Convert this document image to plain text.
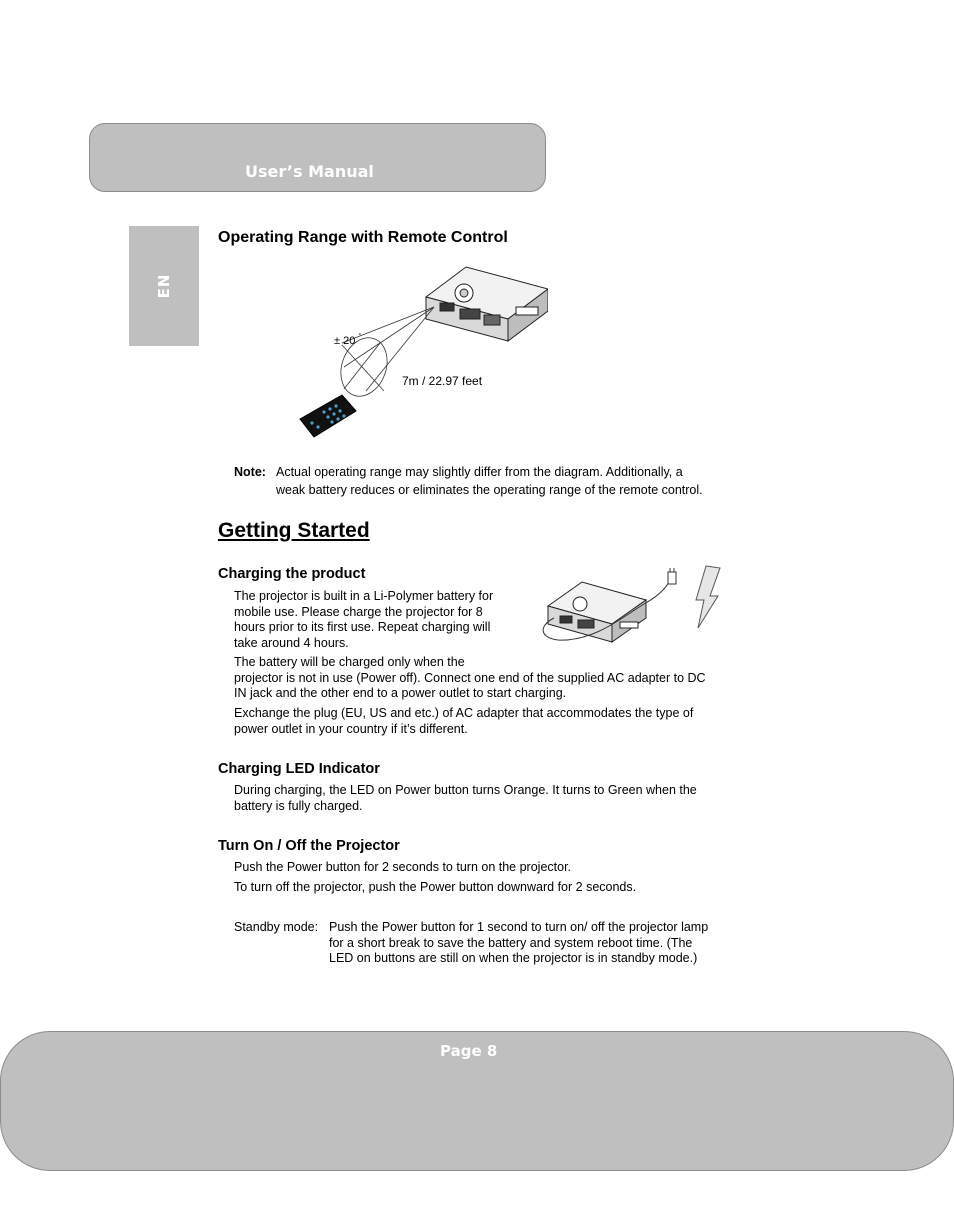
User’s Manual
EN
Operating Range with Remote Control
± 20 °
7m / 22.97 feet
Note: Actual operating range may slightly differ from the diagram. Additionally, a
weak battery reduces or eliminates the operating range of the remote control.
Getting Started
Charging the product
The projector is built in a Li-Polymer battery for
mobile use. Please charge the projector for 8
hours prior to its first use. Repeat charging will
take around 4 hours.
The battery will be charged only when the
projector is not in use (Power off). Connect one end of the supplied AC adapter to DC
IN jack and the other end to a power outlet to start charging.
Exchange the plug (EU, US and etc.) of AC adapter that accommodates the type of
power outlet in your country if it’s different.
Charging LED Indicator
During charging, the LED on Power button turns Orange. It turns to Green when the
battery is fully charged.
Turn On / Off the Projector
Push the Power button for 2 seconds to turn on the projector.
To turn off the projector, push the Power button downward for 2 seconds.
Standby mode: Push the Power button for 1 second to turn on/ off the projector lamp
for a short break to save the battery and system reboot time. (The
LED on buttons are still on when the projector is in standby mode.)
Page 8
